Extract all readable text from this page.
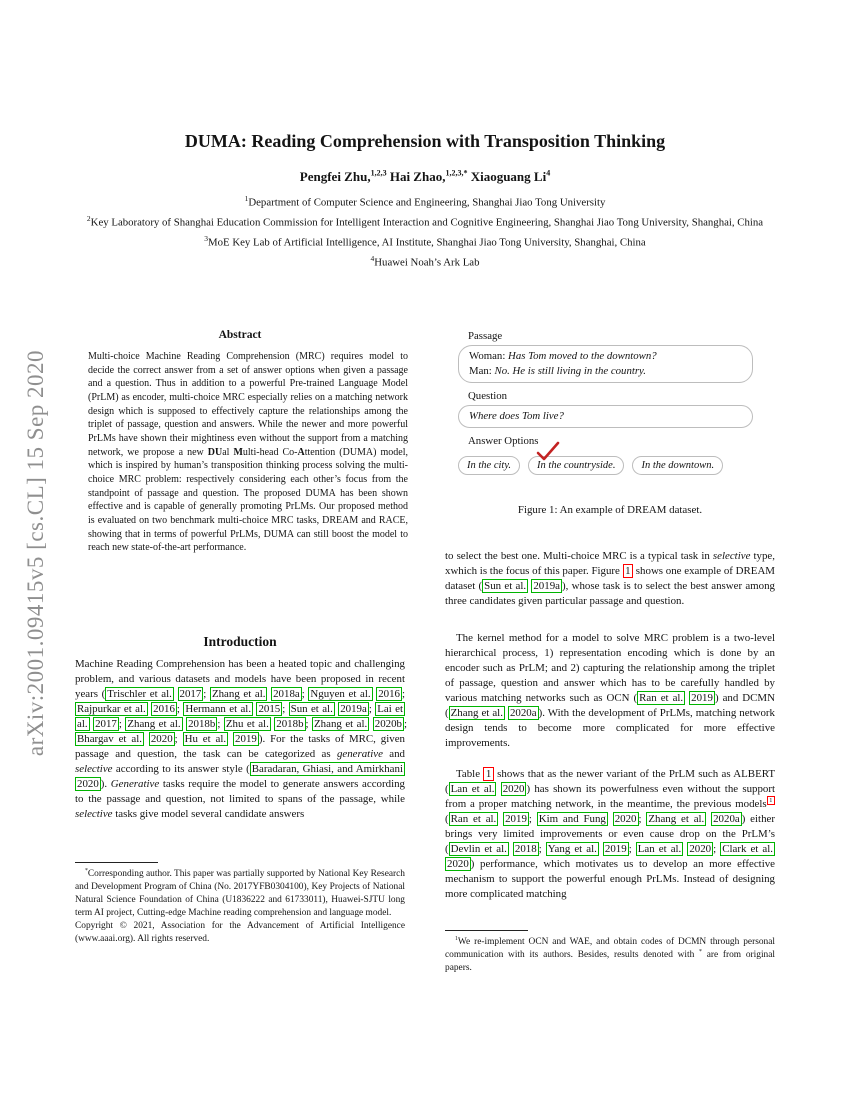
arXiv:2001.09415v5 [cs.CL] 15 Sep 2020
DUMA: Reading Comprehension with Transposition Thinking
Pengfei Zhu,$^{1,2,3}$ Hai Zhao,$^{1,2,3,*}$ Xiaoguang Li$^4$

$^1$Department of Computer Science and Engineering, Shanghai Jiao Tong University

$^2$Key Laboratory of Shanghai Education Commission for Intelligent Interaction and Cognitive Engineering, Shanghai Jiao Tong University, Shanghai, China

$^3$MoE Key Lab of Artificial Intelligence, AI Institute, Shanghai Jiao Tong University, Shanghai, China

$^4$Huawei Noah’s Ark Lab

Abstract

Multi-choice Machine Reading Comprehension (MRC) requires model to decide the correct answer from a set of answer options when given a passage and a question. Thus in addition to a powerful Pre-trained Language Model (PrLM) as encoder, multi-choice MRC especially relies on a matching network design which is supposed to effectively capture the relationships among the triplet of passage, question and answers. While the newer and more powerful PrLMs have shown their mightiness even without the support from a matching network, we propose a new DUal Multi-head Co-Attention (DUMA) model, which is inspired by human’s transposition thinking process solving the multi-choice MRC problem: respectively considering each other’s focus from the standpoint of passage and question. The proposed DUMA has been shown effective and is capable of generally promoting PrLMs. Our proposed method is evaluated on two benchmark multi-choice MRC tasks, DREAM and RACE, showing that in terms of powerful PrLMs, DUMA can still boost the model to reach new state-of-the-art performance.

Introduction

Machine Reading Comprehension has been a heated topic and challenging problem, and various datasets and models have been proposed in recent years ( Trischler et al. 2017 ; Zhang et al. 2018a ; Nguyen et al. 2016 ; Rajpurkar et al. 2016 ; Hermann et al. 2015 ; Sun et al. 2019a ; Lai et al. 2017 ; Zhang et al. 2018b ; Zhu et al. 2018b ; Zhang et al. 2020b ; Bhargav et al. 2020 ; Hu et al. 2019 ). For the tasks of MRC, given passage and question, the task can be categorized as generative and selective according to its answer style ( Baradaran, Ghiasi, and Amirkhani 2020 ). Generative tasks require the model to generate answers according to the passage and question, not limited to spans of the passage, while selective tasks give model several candidate answers

*Corresponding author. This paper was partially supported by National Key Research and Development Program of China (No. 2017YFB0304100), Key Projects of National Natural Science Foundation of China (U1836222 and 61733011), Huawei-SJTU long term AI project, Cutting-edge Machine reading comprehension and language model.

Copyright © 2021, Association for the Advancement of Artificial Intelligence (www.aaai.org). All rights reserved.

Passage

Woman: Has Tom moved to the downtown?

Man: No. He is still living in the country.

Question

Where does Tom live?

Answer Options
In the city.	In the countryside.	In the downtown.
Figure 1: An example of DREAM dataset.

to select the best one. Multi-choice MRC is a typical task in selective type, xwhich is the focus of this paper. Figure 1 shows one example of DREAM dataset ( Sun et al. 2019a ), whose task is to select the best answer among three candidates given particular passage and question.

The kernel method for a model to solve MRC problem is a two-level hierarchical process, 1) representation encoding which is done by an encoder such as PrLM; and 2) capturing the relationship among the triplet of passage, question and answer which has to be carefully handled by various matching networks such as OCN ( Ran et al. 2019 ) and DCMN ( Zhang et al. 2020a ). With the development of PrLMs, matching network design tends to become more complicated for more effective improvements.

Table 1 shows that as the newer variant of the PrLM such as ALBERT ( Lan et al. 2020 ) has shown its powerfulness even without the support from a proper matching network, in the meantime, the previous models $^1$ ( Ran et al. 2019 ; Kim and Fung 2020 ; Zhang et al. 2020a ) either brings very limited improvements or even cause drop on the PrLM’s ( Devlin et al. 2018 ; Yang et al. 2019 ; Lan et al. 2020 ; Clark et al. 2020 ) performance, which motivates us to develop an more effective mechanism to support the powerful enough PrLMs. Instead of designing more complicated matching

$^1$We re-implement OCN and WAE, and obtain codes of DCMN through personal communication with its authors. Besides, results denoted with * are from original papers.
